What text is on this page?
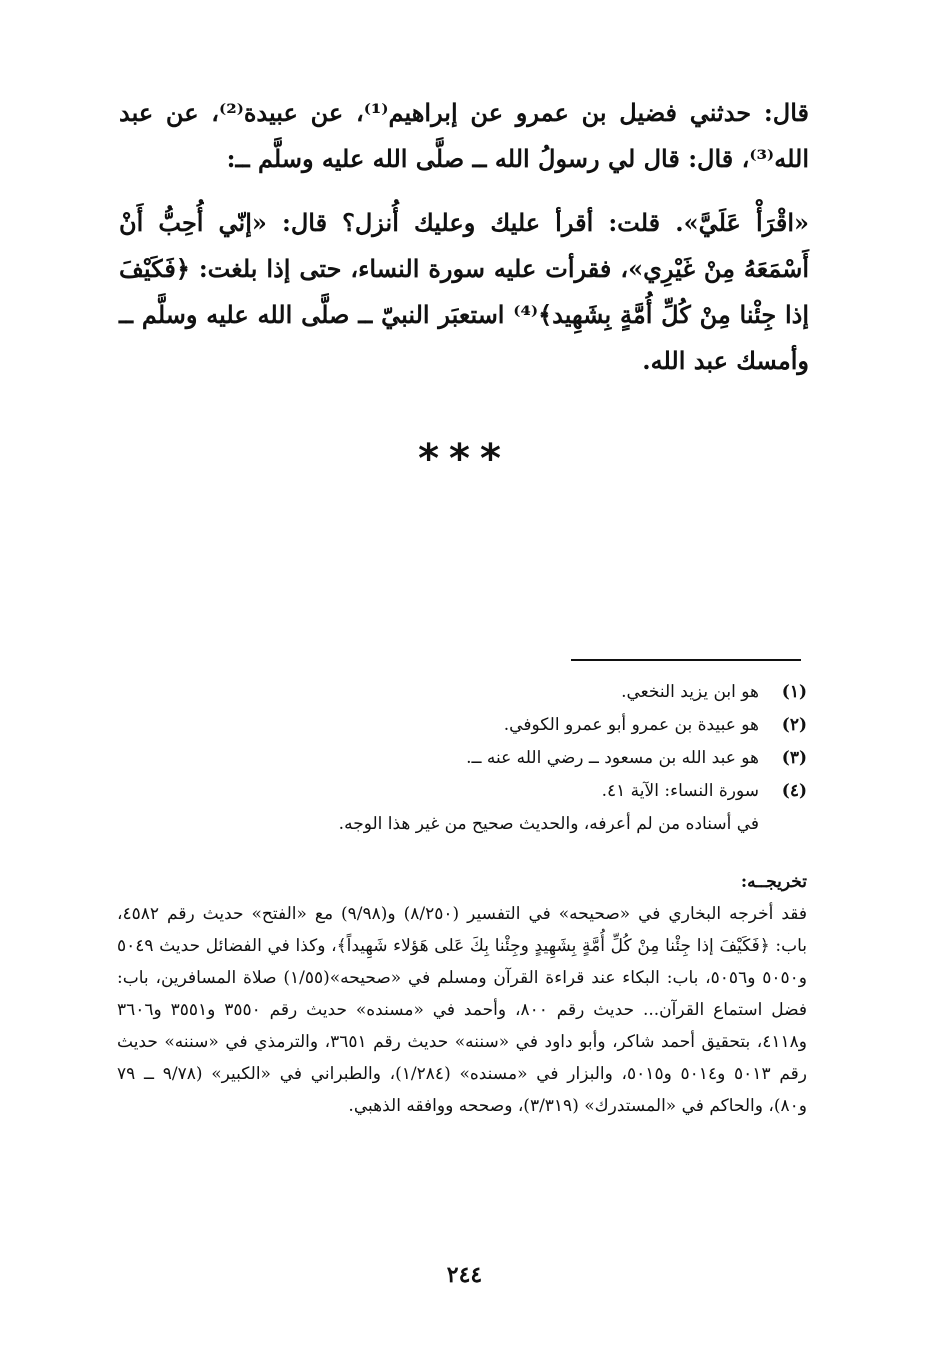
قال: حدثني فضيل بن عمرو عن إبراهيم⁽¹⁾، عن عبيدة⁽²⁾، عن عبد الله⁽³⁾، قال: قال لي رسولُ الله ــ صلَّى الله عليه وسلَّم ــ:

«اقْرَأْ عَلَيَّ». قلت: أقرأ عليك وعليك أُنزل؟ قال: «إنّي أُحِبُّ أَنْ أَسْمَعَهُ مِنْ غَيْرِي»، فقرأت عليه سورة النساء، حتى إذا بلغت: ﴿فَكَيْفَ إذا جِئْنا مِنْ كُلِّ أُمَّةٍ بِشَهِيد﴾⁽⁴⁾ استعبَر النبيّ ــ صلَّى الله عليه وسلَّم ــ وأمسك عبد الله.

***
(١)
هو ابن يزيد النخعي.
(٢)
هو عبيدة بن عمرو أبو عمرو الكوفي.
(٣)
هو عبد الله بن مسعود ــ رضي الله عنه ــ.
(٤)
سورة النساء: الآية ٤١.
في أسناده من لم أعرفه، والحديث صحيح من غير هذا الوجه.

تخريجــه:

فقد أخرجه البخاري في «صحيحه» في التفسير (٨/٢٥٠) و(٩/٩٨) مع «الفتح» حديث رقم ٤٥٨٢، باب: ﴿فَكَيْفَ إذا جِئْنا مِنْ كُلِّ أُمَّةٍ بِشَهِيدٍ وجِئْنا بِكَ عَلى هَؤلاء شَهِيداً﴾، وكذا في الفضائل حديث ٥٠٤٩ و٥٠٥٠ و٥٠٥٦، باب: البكاء عند قراءة القرآن ومسلم في «صحيحه»(١/٥٥) صلاة المسافرين، باب: فضل استماع القرآن... حديث رقم ٨٠٠، وأحمد في «مسنده» حديث رقم ٣٥٥٠ و٣٥٥١ و٣٦٠٦ و٤١١٨، بتحقيق أحمد شاكر، وأبو داود في «سننه» حديث رقم ٣٦٥١، والترمذي في «سننه» حديث رقم ٥٠١٣ و٥٠١٤ و٥٠١٥، والبزار في «مسنده» (١/٢٨٤)، والطبراني في «الكبير» (٩/٧٨ ــ ٧٩ و٨٠)، والحاكم في «المستدرك» (٣/٣١٩)، وصححه ووافقه الذهبي.

٢٤٤
